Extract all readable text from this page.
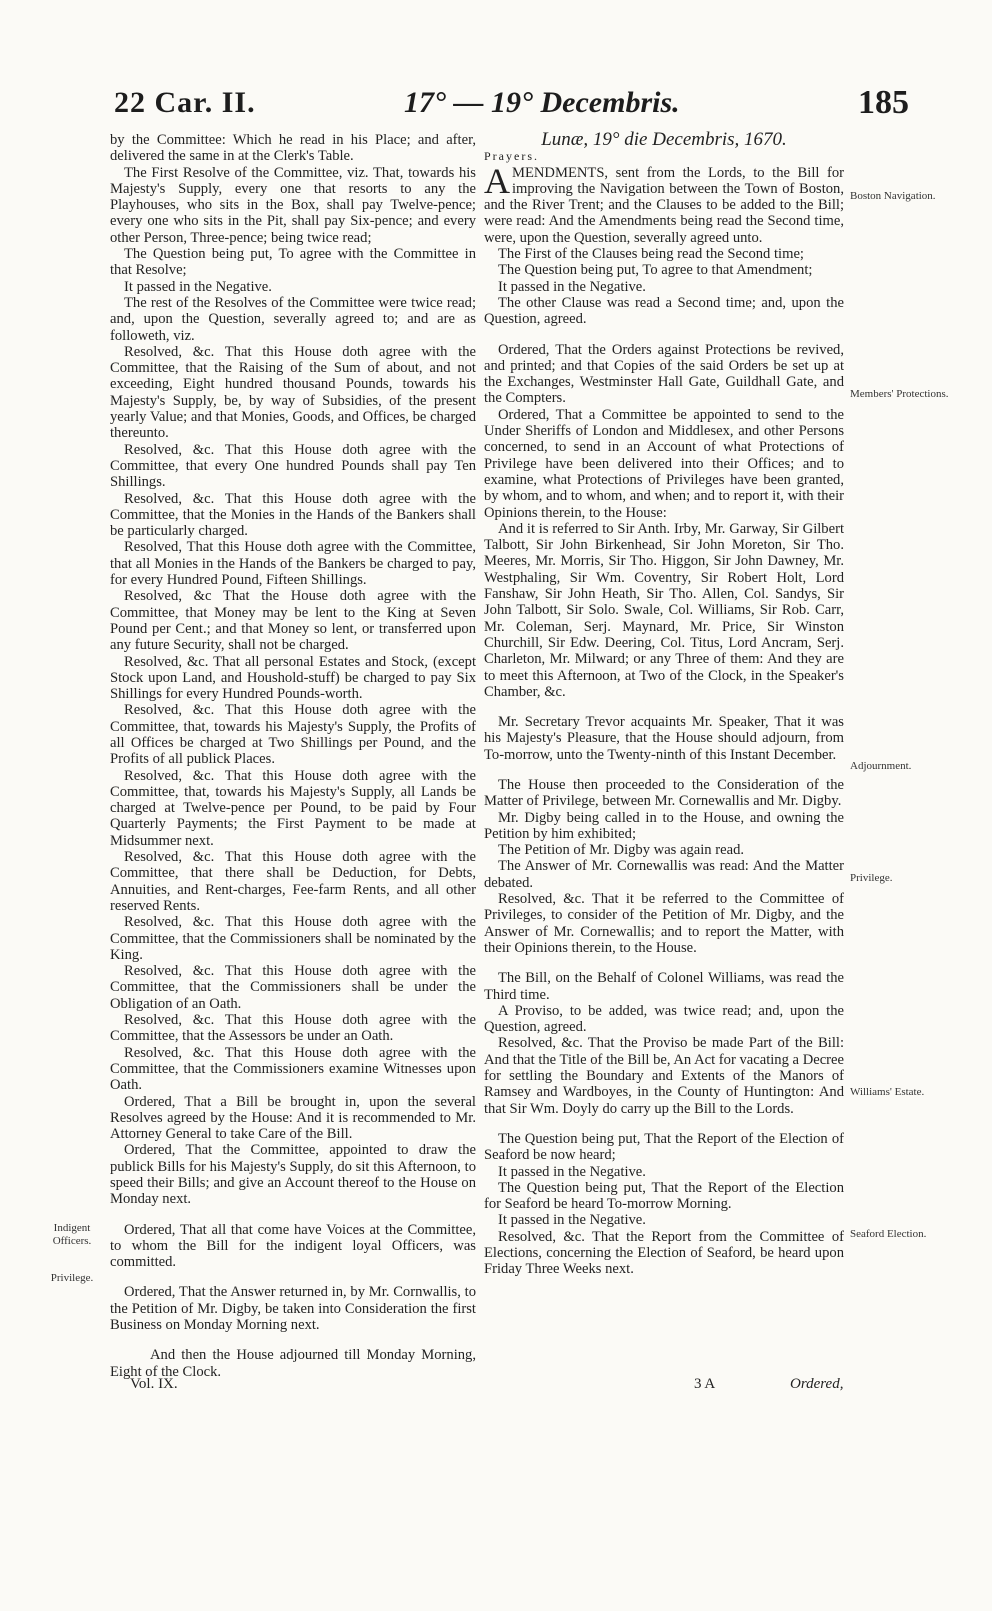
22 Car. II.	17° — 19° Decembris.	185

by the Committee: Which he read in his Place; and after, delivered the same in at the Clerk's Table.

The First Resolve of the Committee, viz. That, towards his Majesty's Supply, every one that resorts to any the Playhouses, who sits in the Box, shall pay Twelve-pence; every one who sits in the Pit, shall pay Six-pence; and every other Person, Three-pence; being twice read;

The Question being put, To agree with the Committee in that Resolve;

It passed in the Negative.

The rest of the Resolves of the Committee were twice read; and, upon the Question, severally agreed to; and are as followeth, viz.

Resolved, &c. That this House doth agree with the Committee, that the Raising of the Sum of about, and not exceeding, Eight hundred thousand Pounds, towards his Majesty's Supply, be, by way of Subsidies, of the present yearly Value; and that Monies, Goods, and Offices, be charged thereunto.

Resolved, &c. That this House doth agree with the Committee, that every One hundred Pounds shall pay Ten Shillings.

Resolved, &c. That this House doth agree with the Committee, that the Monies in the Hands of the Bankers shall be particularly charged.

Resolved, That this House doth agree with the Committee, that all Monies in the Hands of the Bankers be charged to pay, for every Hundred Pound, Fifteen Shillings.

Resolved, &c That the House doth agree with the Committee, that Money may be lent to the King at Seven Pound per Cent.; and that Money so lent, or transferred upon any future Security, shall not be charged.

Resolved, &c. That all personal Estates and Stock, (except Stock upon Land, and Houshold-stuff) be charged to pay Six Shillings for every Hundred Pounds-worth.

Resolved, &c. That this House doth agree with the Committee, that, towards his Majesty's Supply, the Profits of all Offices be charged at Two Shillings per Pound, and the Profits of all publick Places.

Resolved, &c. That this House doth agree with the Committee, that, towards his Majesty's Supply, all Lands be charged at Twelve-pence per Pound, to be paid by Four Quarterly Payments; the First Payment to be made at Midsummer next.

Resolved, &c. That this House doth agree with the Committee, that there shall be Deduction, for Debts, Annuities, and Rent-charges, Fee-farm Rents, and all other reserved Rents.

Resolved, &c. That this House doth agree with the Committee, that the Commissioners shall be nominated by the King.

Resolved, &c. That this House doth agree with the Committee, that the Commissioners shall be under the Obligation of an Oath.

Resolved, &c. That this House doth agree with the Committee, that the Assessors be under an Oath.

Resolved, &c. That this House doth agree with the Committee, that the Commissioners examine Witnesses upon Oath.

Ordered, That a Bill be brought in, upon the several Resolves agreed by the House: And it is recommended to Mr. Attorney General to take Care of the Bill.

Ordered, That the Committee, appointed to draw the publick Bills for his Majesty's Supply, do sit this Afternoon, to speed their Bills; and give an Account thereof to the House on Monday next.

Ordered, That all that come have Voices at the Committee, to whom the Bill for the indigent loyal Officers, was committed.

Ordered, That the Answer returned in, by Mr. Cornwallis, to the Petition of Mr. Digby, be taken into Consideration the first Business on Monday Morning next.

And then the House adjourned till Monday Morning, Eight of the Clock.

Lunæ, 19° die Decembris, 1670.

Prayers.

AMENDMENTS, sent from the Lords, to the Bill for improving the Navigation between the Town of Boston, and the River Trent; and the Clauses to be added to the Bill; were read: And the Amendments being read the Second time, were, upon the Question, severally agreed unto.

The First of the Clauses being read the Second time;

The Question being put, To agree to that Amendment;

It passed in the Negative.

The other Clause was read a Second time; and, upon the Question, agreed.

Ordered, That the Orders against Protections be revived, and printed; and that Copies of the said Orders be set up at the Exchanges, Westminster Hall Gate, Guildhall Gate, and the Compters.

Ordered, That a Committee be appointed to send to the Under Sheriffs of London and Middlesex, and other Persons concerned, to send in an Account of what Protections of Privilege have been delivered into their Offices; and to examine, what Protections of Privileges have been granted, by whom, and to whom, and when; and to report it, with their Opinions therein, to the House:

And it is referred to Sir Anth. Irby, Mr. Garway, Sir Gilbert Talbott, Sir John Birkenhead, Sir John Moreton, Sir Tho. Meeres, Mr. Morris, Sir Tho. Higgon, Sir John Dawney, Mr. Westphaling, Sir Wm. Coventry, Sir Robert Holt, Lord Fanshaw, Sir John Heath, Sir Tho. Allen, Col. Sandys, Sir John Talbott, Sir Solo. Swale, Col. Williams, Sir Rob. Carr, Mr. Coleman, Serj. Maynard, Mr. Price, Sir Winston Churchill, Sir Edw. Deering, Col. Titus, Lord Ancram, Serj. Charleton, Mr. Milward; or any Three of them: And they are to meet this Afternoon, at Two of the Clock, in the Speaker's Chamber, &c.

Mr. Secretary Trevor acquaints Mr. Speaker, That it was his Majesty's Pleasure, that the House should adjourn, from To-morrow, unto the Twenty-ninth of this Instant December.

The House then proceeded to the Consideration of the Matter of Privilege, between Mr. Cornewallis and Mr. Digby.

Mr. Digby being called in to the House, and owning the Petition by him exhibited;

The Petition of Mr. Digby was again read.

The Answer of Mr. Cornewallis was read: And the Matter debated.

Resolved, &c. That it be referred to the Committee of Privileges, to consider of the Petition of Mr. Digby, and the Answer of Mr. Cornewallis; and to report the Matter, with their Opinions therein, to the House.

The Bill, on the Behalf of Colonel Williams, was read the Third time.

A Proviso, to be added, was twice read; and, upon the Question, agreed.

Resolved, &c. That the Proviso be made Part of the Bill: And that the Title of the Bill be, An Act for vacating a Decree for settling the Boundary and Extents of the Manors of Ramsey and Wardboyes, in the County of Huntington: And that Sir Wm. Doyly do carry up the Bill to the Lords.

The Question being put, That the Report of the Election of Seaford be now heard;

It passed in the Negative.

The Question being put, That the Report of the Election for Seaford be heard To-morrow Morning.

It passed in the Negative.

Resolved, &c. That the Report from the Committee of Elections, concerning the Election of Seaford, be heard upon Friday Three Weeks next.

Boston Navigation.
Members' Protections.
Adjournment.
Privilege.
Williams' Estate.
Seaford Election.
Indigent Officers.
Privilege.
Vol. IX.	3 A	Ordered,
